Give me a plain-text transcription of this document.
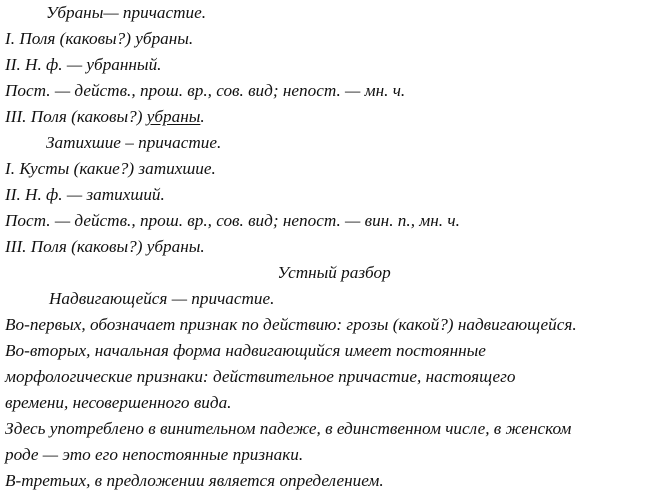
Убраны— причастие.
I. Поля (каковы?) убраны.
II. Н. ф. — убранный.
Пост. — действ., прош. вр., сов. вид; непост. — мн. ч.
III. Поля (каковы?) убраны.
Затихшие – причастие.
I. Кусты (какие?) затихшие.
II. Н. ф. — затихший.
Пост. — действ., прош. вр., сов. вид; непост. — вин. п., мн. ч.
III. Поля (каковы?) убраны.
Устный разбор
Надвигающейся — причастие.
Во-первых, обозначает признак по действию: грозы (какой?) надвигающейся.
Во-вторых, начальная форма надвигающийся имеет постоянные
морфологические признаки: действительное причастие, настоящего
времени, несовершенного вида.
Здесь употреблено в винительном падеже, в единственном числе, в женском
роде — это его непостоянные признаки.
В-третьих, в предложении является определением.
